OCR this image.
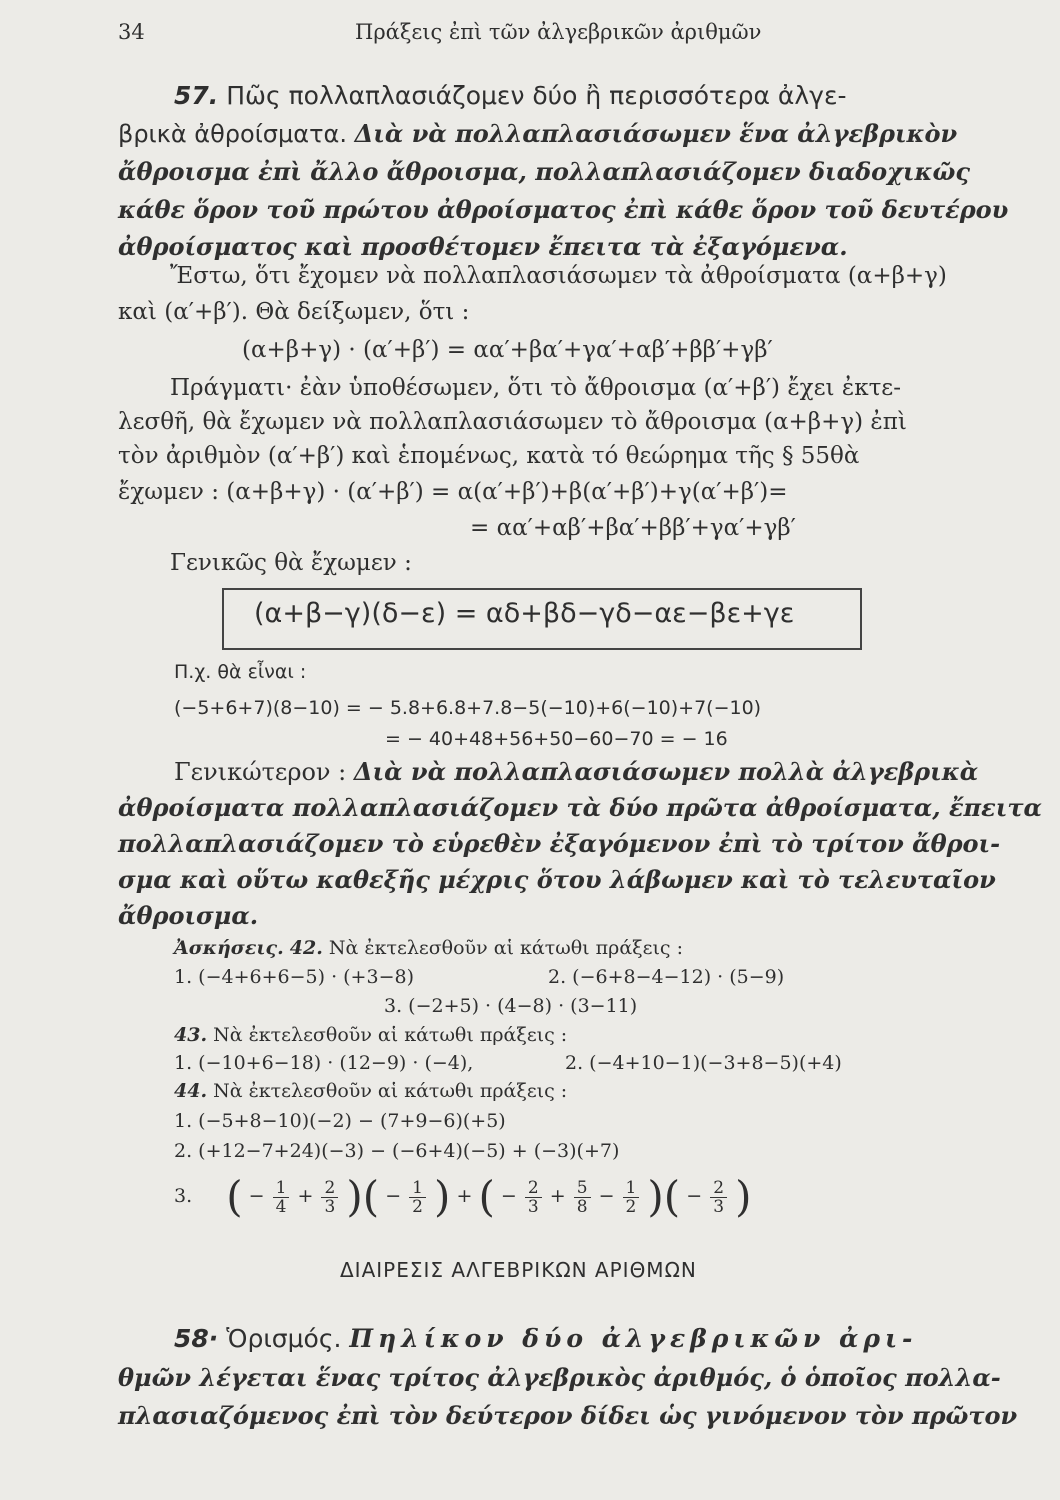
34	Πράξεις ἐπὶ τῶν ἀλγεβρικῶν ἀριθμῶν
57. Πῶς πολλαπλασιάζομεν δύο ἢ περισσότερα ἀλγε-
βρικὰ ἀθροίσματα. Διὰ νὰ πολλαπλασιάσωμεν ἕνα ἀλγεβρικὸν
ἄθροισμα ἐπὶ ἄλλο ἄθροισμα, πολλαπλασιάζομεν διαδοχικῶς
κάθε ὅρον τοῦ πρώτου ἀθροίσματος ἐπὶ κάθε ὅρον τοῦ δευτέρου
ἀθροίσματος καὶ προσθέτομεν ἔπειτα τὰ ἐξαγόμενα.
Ἔστω, ὅτι ἔχομεν νὰ πολλαπλασιάσωμεν τὰ ἀθροίσματα (α+β+γ)
καὶ (α′+β′). Θὰ δείξωμεν, ὅτι :
(α+β+γ) · (α′+β′) = αα′+βα′+γα′+αβ′+ββ′+γβ′
Πράγματι· ἐὰν ὑποθέσωμεν, ὅτι τὸ ἄθροισμα (α′+β′) ἔχει ἐκτε-
λεσθῆ, θὰ ἔχωμεν νὰ πολλαπλασιάσωμεν τὸ ἄθροισμα (α+β+γ) ἐπὶ
τὸν ἀριθμὸν (α′+β′) καὶ ἑπομένως, κατὰ τό θεώρημα τῆς § 55θὰ
ἔχωμεν : (α+β+γ) · (α′+β′) = α(α′+β′)+β(α′+β′)+γ(α′+β′)=
= αα′+αβ′+βα′+ββ′+γα′+γβ′
Γενικῶς θὰ ἔχωμεν :
(α+β−γ)(δ−ε) = αδ+βδ−γδ−αε−βε+γε
Π.χ. θὰ εἶναι :
(−5+6+7)(8−10) = − 5.8+6.8+7.8−5(−10)+6(−10)+7(−10)
= − 40+48+56+50−60−70 = − 16
Γενικώτερον : Διὰ νὰ πολλαπλασιάσωμεν πολλὰ ἀλγεβρικὰ
ἀθροίσματα πολλαπλασιάζομεν τὰ δύο πρῶτα ἀθροίσματα, ἔπειτα
πολλαπλασιάζομεν τὸ εὑρεθὲν ἐξαγόμενον ἐπὶ τὸ τρίτον ἄθροι-
σμα καὶ οὕτω καθεξῆς μέχρις ὅτου λάβωμεν καὶ τὸ τελευταῖον
ἄθροισμα.
Ἀσκήσεις. 42. Νὰ ἐκτελεσθοῦν αἱ κάτωθι πράξεις :
1. (−4+6+6−5) · (+3−8)	2. (−6+8−4−12) · (5−9)
3. (−2+5) · (4−8) · (3−11)
43. Νὰ ἐκτελεσθοῦν αἱ κάτωθι πράξεις :
1. (−10+6−18) · (12−9) · (−4),	2. (−4+10−1)(−3+8−5)(+4)
44. Νὰ ἐκτελεσθοῦν αἱ κάτωθι πράξεις :
1. (−5+8−10)(−2) − (7+9−6)(+5)
2. (+12−7+24)(−3) − (−6+4)(−5) + (−3)(+7)
3. ( − $\frac{1}{4} + \frac{2}{3}$ )( − $\frac{1}{2}$ ) + ( − $\frac{2}{3} + \frac{5}{8} - \frac{1}{2}$ )( − $\frac{2}{3}$ )
ΔΙΑΙΡΕΣΙΣ ΑΛΓΕΒΡΙΚΩΝ ΑΡΙΘΜΩΝ
58· Ὁρισμός. Πηλίκον δύο ἀλγεβρικῶν ἀρι-
θμῶν λέγεται ἕνας τρίτος ἀλγεβρικὸς ἀριθμός, ὁ ὁποῖος πολλα-
πλασιαζόμενος ἐπὶ τὸν δεύτερον δίδει ὡς γινόμενον τὸν πρῶτον
